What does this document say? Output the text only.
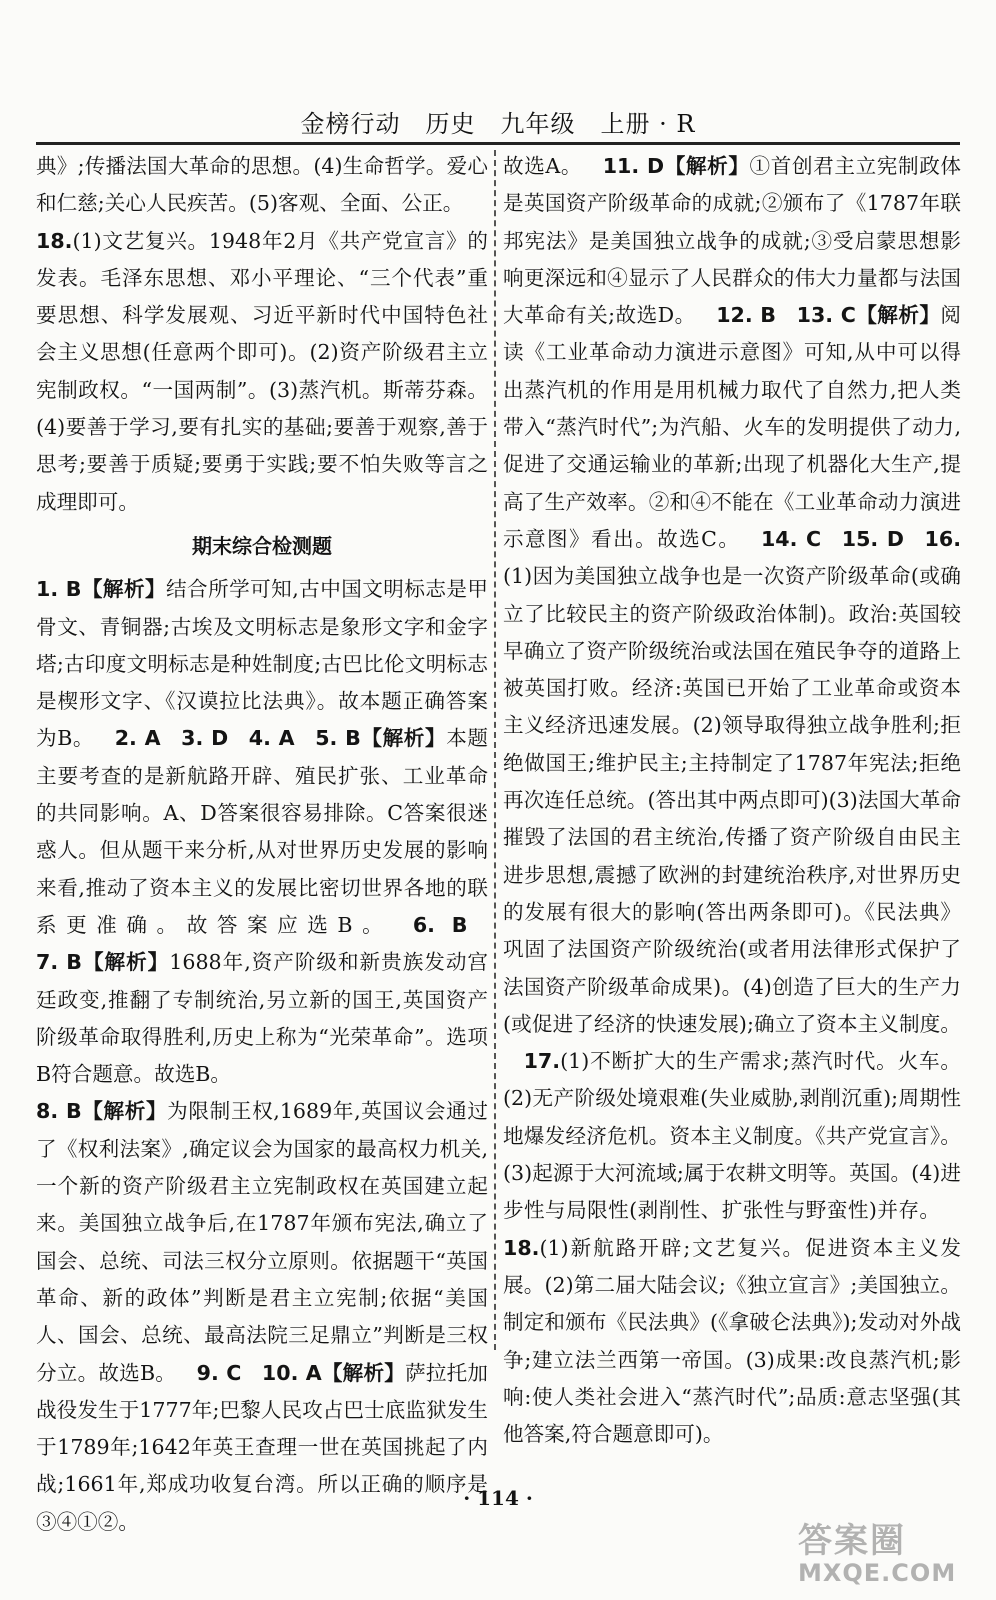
金榜行动　历史　九年级　上册 · R

典》;传播法国大革命的思想。(4)生命哲学。爱心和仁慈;关心人民疾苦。(5)客观、全面、公正。

18.(1)文艺复兴。1948年2月《共产党宣言》的发表。毛泽东思想、邓小平理论、“三个代表”重要思想、科学发展观、习近平新时代中国特色社会主义思想(任意两个即可)。(2)资产阶级君主立宪制政权。“一国两制”。(3)蒸汽机。斯蒂芬森。(4)要善于学习,要有扎实的基础;要善于观察,善于思考;要善于质疑;要勇于实践;要不怕失败等言之成理即可。

期末综合检测题

1. B【解析】结合所学可知,古中国文明标志是甲骨文、青铜器;古埃及文明标志是象形文字和金字塔;古印度文明标志是种姓制度;古巴比伦文明标志是楔形文字、《汉谟拉比法典》。故本题正确答案为B。  2. A  3. D  4. A  5. B【解析】本题主要考查的是新航路开辟、殖民扩张、工业革命的共同影响。A、D答案很容易排除。C答案很迷惑人。但从题干来分析,从对世界历史发展的影响来看,推动了资本主义的发展比密切世界各地的联系更准确。故答案应选B。  6. B 7. B【解析】1688年,资产阶级和新贵族发动宫廷政变,推翻了专制统治,另立新的国王,英国资产阶级革命取得胜利,历史上称为“光荣革命”。选项B符合题意。故选B。

8. B【解析】为限制王权,1689年,英国议会通过了《权利法案》,确定议会为国家的最高权力机关,一个新的资产阶级君主立宪制政权在英国建立起来。美国独立战争后,在1787年颁布宪法,确立了国会、总统、司法三权分立原则。依据题干“英国革命、新的政体”判断是君主立宪制;依据“美国人、国会、总统、最高法院三足鼎立”判断是三权分立。故选B。  9. C  10. A【解析】萨拉托加战役发生于1777年;巴黎人民攻占巴士底监狱发生于1789年;1642年英王查理一世在英国挑起了内战;1661年,郑成功收复台湾。所以正确的顺序是③④①②。

故选A。  11. D【解析】①首创君主立宪制政体是英国资产阶级革命的成就;②颁布了《1787年联邦宪法》是美国独立战争的成就;③受启蒙思想影响更深远和④显示了人民群众的伟大力量都与法国大革命有关;故选D。  12. B  13. C【解析】阅读《工业革命动力演进示意图》可知,从中可以得出蒸汽机的作用是用机械力取代了自然力,把人类带入“蒸汽时代”;为汽船、火车的发明提供了动力,促进了交通运输业的革新;出现了机器化大生产,提高了生产效率。②和④不能在《工业革命动力演进示意图》看出。故选C。  14. C  15. D  16.(1)因为美国独立战争也是一次资产阶级革命(或确立了比较民主的资产阶级政治体制)。政治:英国较早确立了资产阶级统治或法国在殖民争夺的道路上被英国打败。经济:英国已开始了工业革命或资本主义经济迅速发展。(2)领导取得独立战争胜利;拒绝做国王;维护民主;主持制定了1787年宪法;拒绝再次连任总统。(答出其中两点即可)(3)法国大革命摧毁了法国的君主统治,传播了资产阶级自由民主进步思想,震撼了欧洲的封建统治秩序,对世界历史的发展有很大的影响(答出两条即可)。《民法典》巩固了法国资产阶级统治(或者用法律形式保护了法国资产阶级革命成果)。(4)创造了巨大的生产力(或促进了经济的快速发展);确立了资本主义制度。 17.(1)不断扩大的生产需求;蒸汽时代。火车。(2)无产阶级处境艰难(失业威胁,剥削沉重);周期性地爆发经济危机。资本主义制度。《共产党宣言》。(3)起源于大河流域;属于农耕文明等。英国。(4)进步性与局限性(剥削性、扩张性与野蛮性)并存。 18.(1)新航路开辟;文艺复兴。促进资本主义发展。(2)第二届大陆会议;《独立宣言》;美国独立。制定和颁布《民法典》(《拿破仑法典》);发动对外战争;建立法兰西第一帝国。(3)成果:改良蒸汽机;影响:使人类社会进入“蒸汽时代”;品质:意志坚强(其他答案,符合题意即可)。

· 114 ·
答案圈
MXQE.COM
